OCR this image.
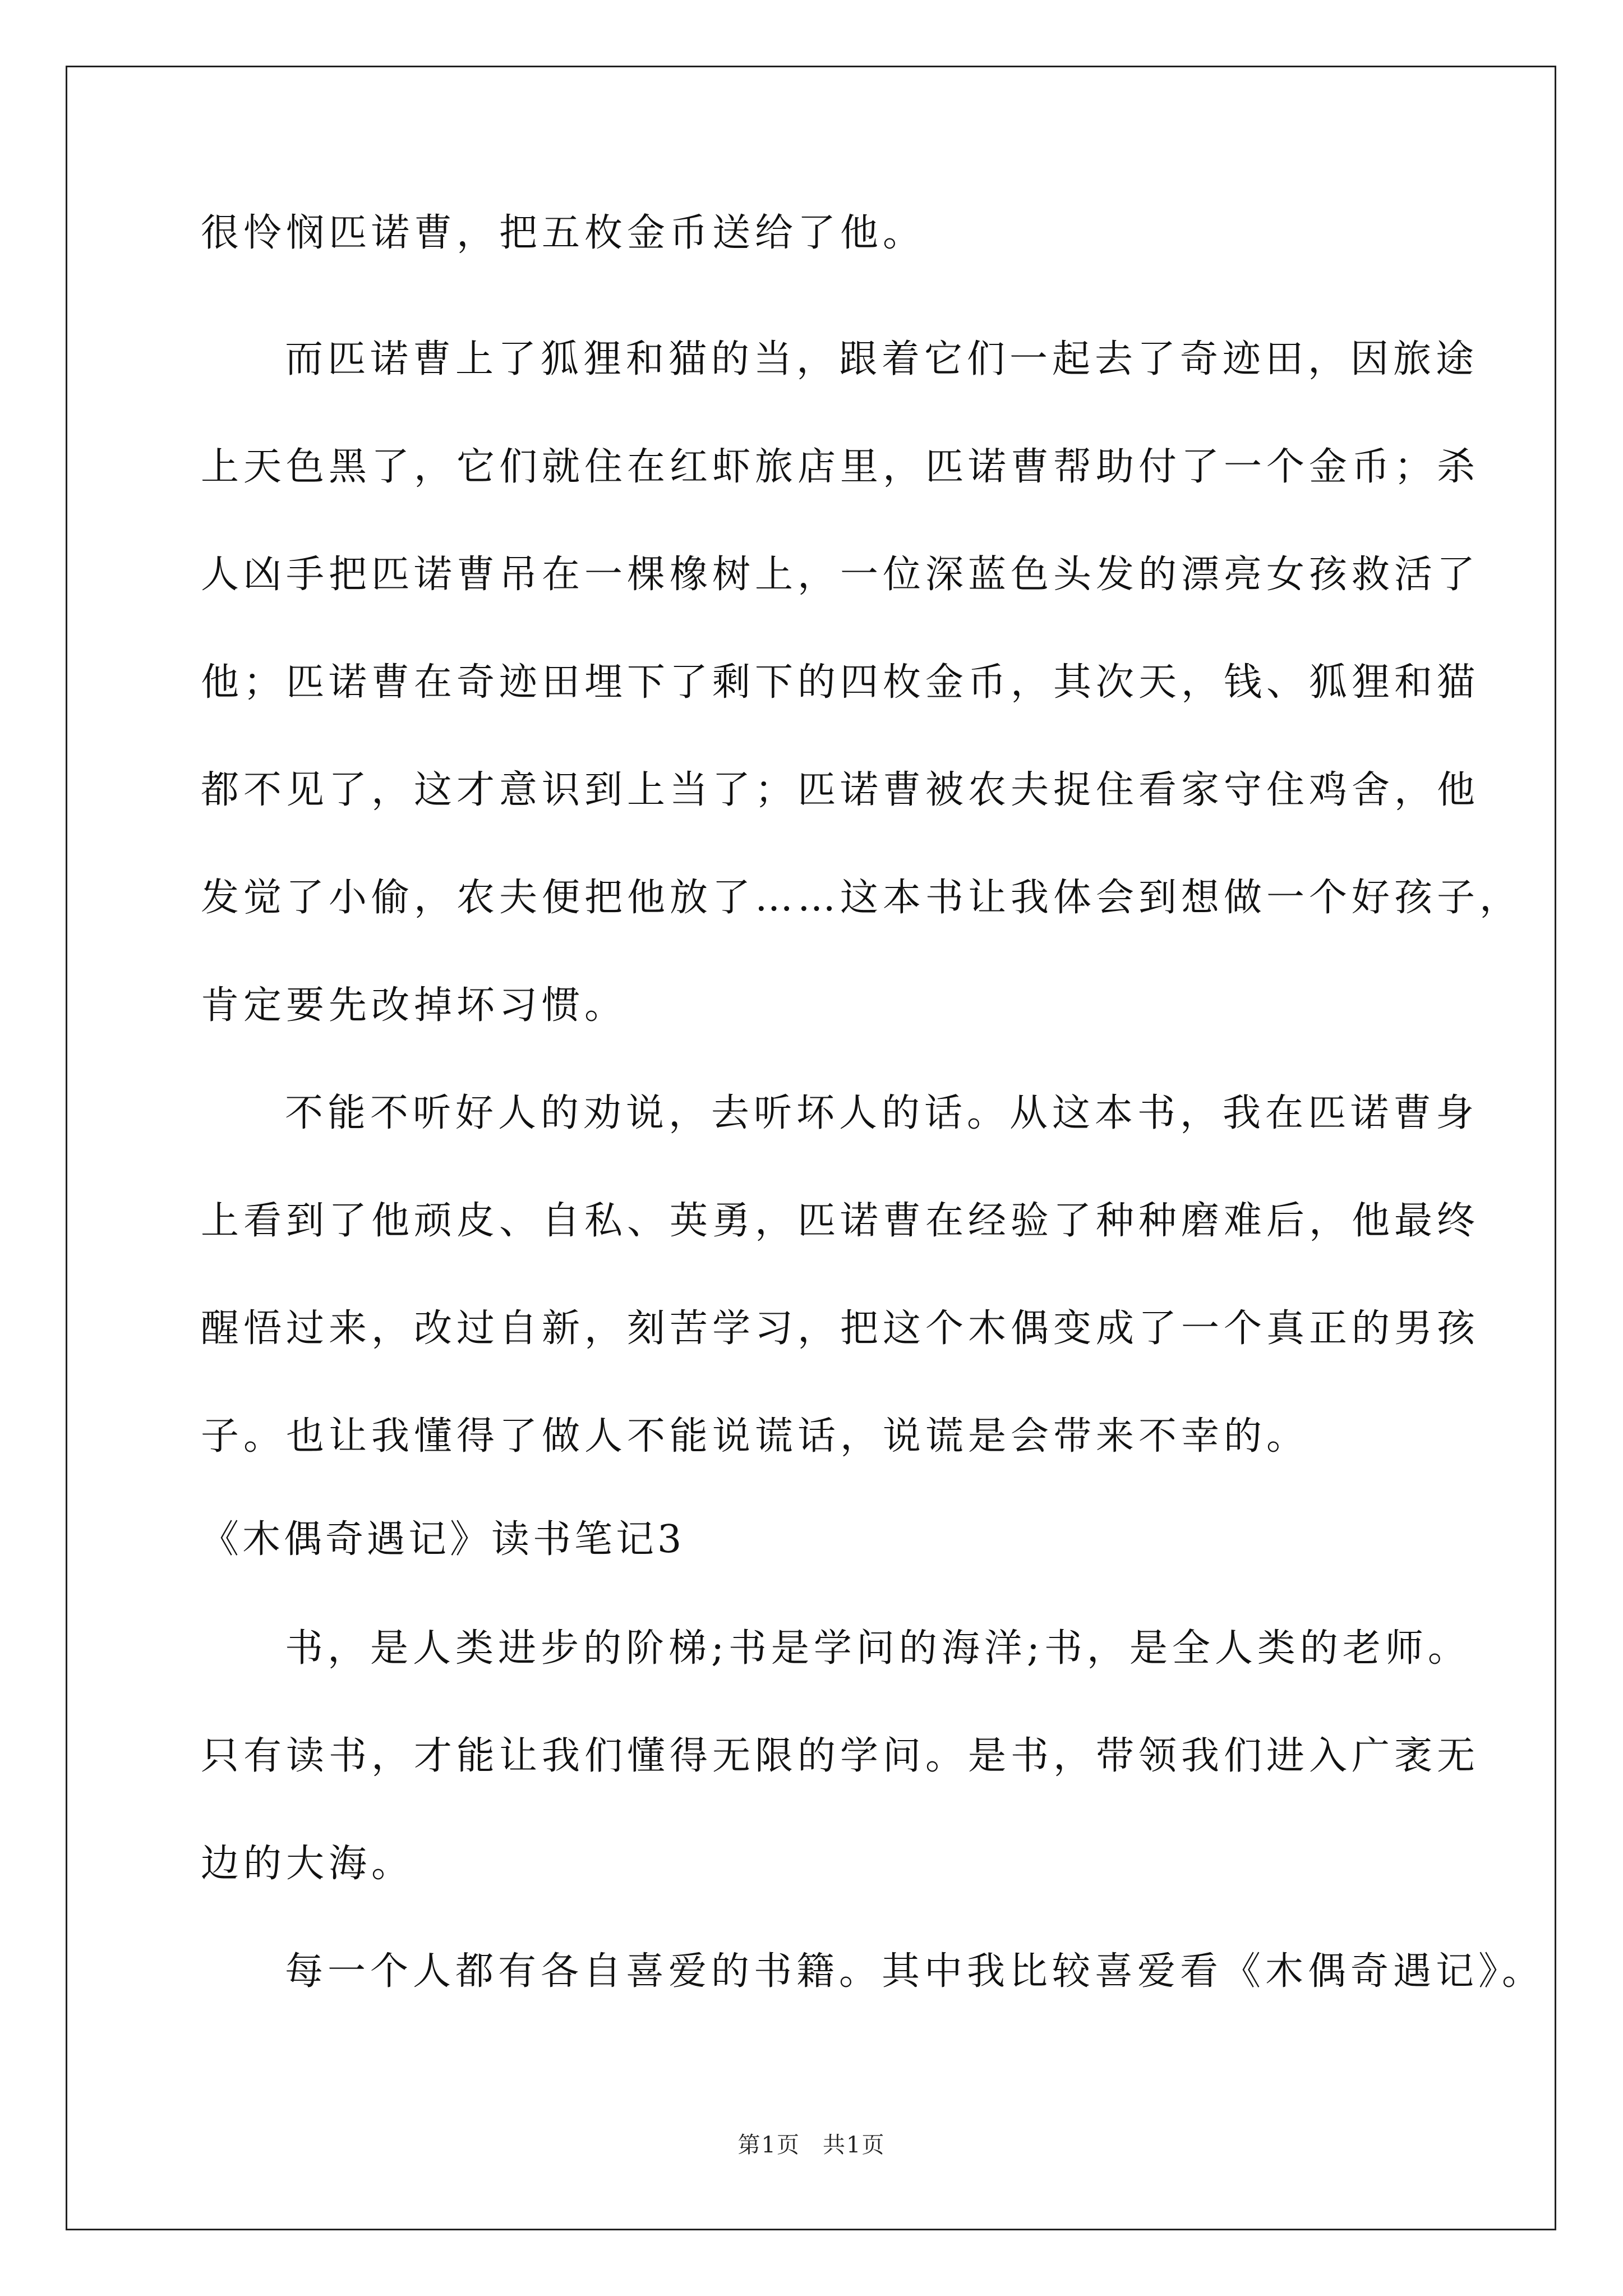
很怜悯匹诺曹，把五枚金币送给了他。
而匹诺曹上了狐狸和猫的当，跟着它们一起去了奇迹田，因旅途
上天色黑了，它们就住在红虾旅店里，匹诺曹帮助付了一个金币；杀
人凶手把匹诺曹吊在一棵橡树上，一位深蓝色头发的漂亮女孩救活了
他；匹诺曹在奇迹田埋下了剩下的四枚金币，其次天，钱、狐狸和猫
都不见了，这才意识到上当了；匹诺曹被农夫捉住看家守住鸡舍，他
发觉了小偷，农夫便把他放了……这本书让我体会到想做一个好孩子，
肯定要先改掉坏习惯。
不能不听好人的劝说，去听坏人的话。从这本书，我在匹诺曹身
上看到了他顽皮、自私、英勇，匹诺曹在经验了种种磨难后，他最终
醒悟过来，改过自新，刻苦学习，把这个木偶变成了一个真正的男孩
子。也让我懂得了做人不能说谎话，说谎是会带来不幸的。
《木偶奇遇记》读书笔记3
书，是人类进步的阶梯;书是学问的海洋;书，是全人类的老师。
只有读书，才能让我们懂得无限的学问。是书，带领我们进入广袤无
边的大海。
每一个人都有各自喜爱的书籍。其中我比较喜爱看《木偶奇遇记》。
第1页 共1页
